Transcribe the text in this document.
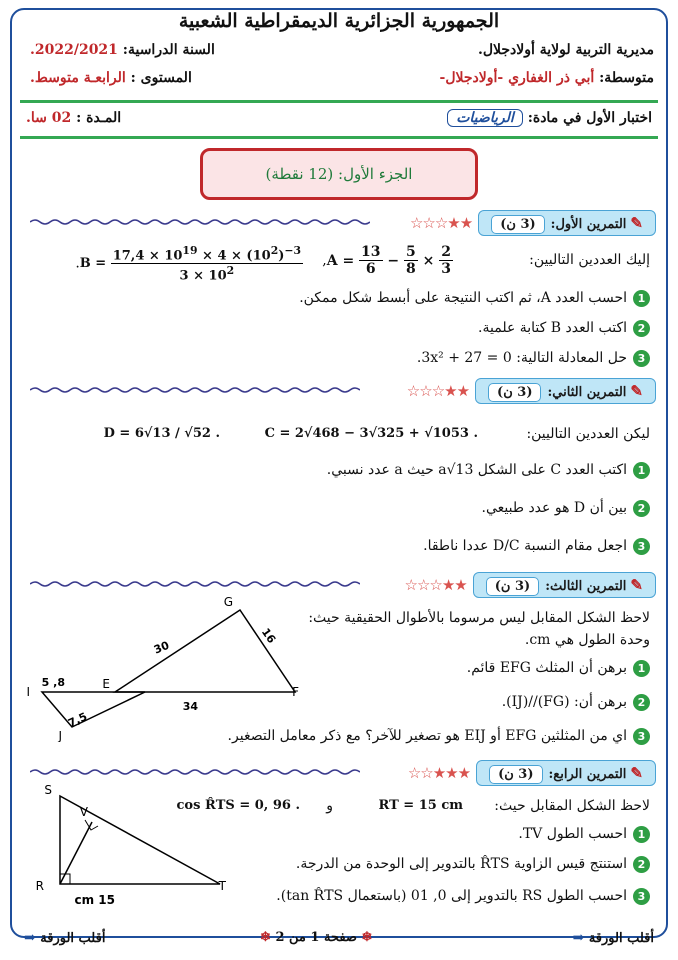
الجمهورية الجزائرية الديمقراطية الشعبية
مديرية التربية لولاية أولادجلال.
السنة الدراسية: 2022/2021.
متوسطة: أبي ذر الغفاري -أولادجلال-
المستوى : الرابعـة متوسط.
اختبار الأول في مادة: الرياضيات
المـدة : 02 سا.
الجزء الأول: (12 نقطة)
✎التمرين الأول:(3 ن)
★★☆☆☆
إليك العددين التاليين:
$A = \frac{13}{6} - \frac{5}{8} \times \frac{2}{3}$
,
$B = \frac{17,4 \times 10^{19} \times 4 \times (10^2)^{-3}}{3 \times 10^2}$
.
1احسب العدد A، ثم اكتب النتيجة على أبسط شكل ممكن.
2اكتب العدد B كتابة علمية.
3حل المعادلة التالية: 3x² + 27 = 0.
✎التمرين الثاني:(3 ن)
★★☆☆☆
ليكن العددين التاليين:
C = 2√468 − 3√325 + √1053 .
D = 6√13 / √52 .
1اكتب العدد C على الشكل a√13 حيث a عدد نسبي.
2بين أن D هو عدد طبيعي.
3اجعل مقام النسبة D/C عددا ناطقا.
✎التمرين الثالث:(3 ن)
★★☆☆☆
لاحظ الشكل المقابل ليس مرسوما بالأطوال الحقيقية حيث:
وحدة الطول هي cm.
1برهن أن المثلث EFG قائم.
2برهن أن: (FG)//(IJ).
3اي من المثلثين EFG أو EIJ هو تصغير للآخر؟ مع ذكر معامل التصغير.
G
I
E
F
J
30
16
34
8, 5
7,5
✎التمرين الرابع:(3 ن)
★★★☆☆
لاحظ الشكل المقابل حيث:
RT = 15 cm
و
cos R̂TS = 0, 96 .
1احسب الطول TV.
2استنتج قيس الزاوية R̂TS بالتدوير إلى الوحدة من الدرجة.
3احسب الطول RS بالتدوير إلى 0, 01 (باستعمال tan R̂TS).
S
V
R	T
15 cm
أقلب الورقة ➡
❄ صفحة 1 من 2 ❄
أقلب الورقة ➡
